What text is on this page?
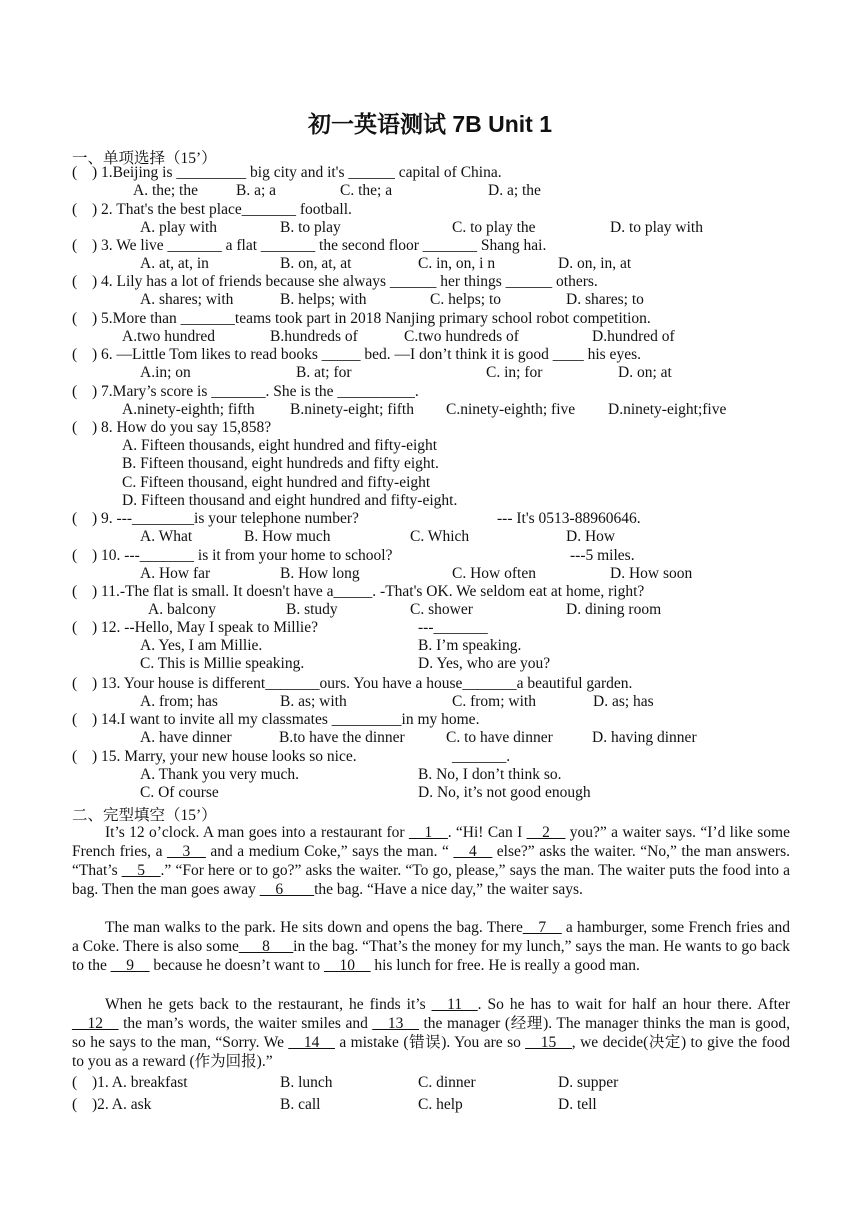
初一英语测试 7B Unit 1
一、单项选择（15’）
( ) 1.Beijing is _________ big city and it's ______ capital of China.
A. the; the B. a; a	C. the; a	D. a; the
( ) 2. That's the best place_______ football.
A. play with	B. to play	C. to play the	D. to play with
( ) 3. We live _______ a flat _______ the second floor _______ Shang hai.
A. at, at, in	B. on, at, at	C. in, on, i n	D. on, in, at
( ) 4. Lily has a lot of friends because she always ______ her things ______ others.
A. shares; with	B. helps; with	C. helps; to	D. shares; to
( ) 5.More than _______teams took part in 2018 Nanjing primary school robot competition.
A.two hundred	B.hundreds of	C.two hundreds of	D.hundred of
( ) 6. —Little Tom likes to read books _____ bed. —I don’t think it is good ____ his eyes.
A.in; on	B. at; for	C. in; for	D. on; at
( ) 7.Mary’s score is _______. She is the __________.
A.ninety-eighth; fifth B.ninety-eight; fifth C.ninety-eighth; five D.ninety-eight;five
( ) 8. How do you say 15,858?
A. Fifteen thousands, eight hundred and fifty-eight
B. Fifteen thousand, eight hundreds and fifty eight.
C. Fifteen thousand, eight hundred and fifty-eight
D. Fifteen thousand and eight hundred and fifty-eight.
( ) 9. ---________is your telephone number?	--- It's 0513-88960646.
A. What	B. How much	C. Which	D. How
( ) 10. ---_______ is it from your home to school?	---5 miles.
A. How far	B. How long	C. How often	D. How soon
( ) 11.-The flat is small. It doesn't have a_____. -That's OK. We seldom eat at home, right?
A. balcony	B. study	C. shower	D. dining room
( ) 12. --Hello, May I speak to Millie?	---_______
A. Yes, I am Millie.	B. I’m speaking.
C. This is Millie speaking.	D. Yes, who are you?
( ) 13. Your house is different_______ours. You have a house_______a beautiful garden.
A. from; has	B. as; with	C. from; with	D. as; has
( ) 14.I want to invite all my classmates _________in my home.
A. have dinner	B.to have the dinner	C. to have dinner	D. having dinner
( ) 15. Marry, your new house looks so nice.	_______.
A. Thank you very much.	B. No, I don’t think so.
C. Of course	D. No, it’s not good enough
二、完型填空（15’）
It’s 12 o’clock. A man goes into a restaurant for __1__. “Hi! Can I __2__ you?” a waiter says. “I’d like some French fries, a __3__ and a medium Coke,” says the man. “ __4__ else?” asks the waiter. “No,” the man answers. “That’s __5__.” “For here or to go?” asks the waiter. “To go, please,” says the man. The waiter puts the food into a bag. Then the man goes away __6____the bag. “Have a nice day,” the waiter says.
The man walks to the park. He sits down and opens the bag. There__7__ a hamburger, some French fries and a Coke. There is also some___8___in the bag. “That’s the money for my lunch,” says the man. He wants to go back to the __9__ because he doesn’t want to __10__ his lunch for free. He is really a good man.
When he gets back to the restaurant, he finds it’s __11__. So he has to wait for half an hour there. After __12__ the man’s words, the waiter smiles and __13__ the manager (经理). The manager thinks the man is good, so he says to the man, “Sorry. We __14__ a mistake (错误). You are so __15__, we decide(决定) to give the food to you as a reward (作为回报).”
( )1. A. breakfast	B. lunch	C. dinner	D. supper
( )2. A. ask	B. call	C. help	D. tell
